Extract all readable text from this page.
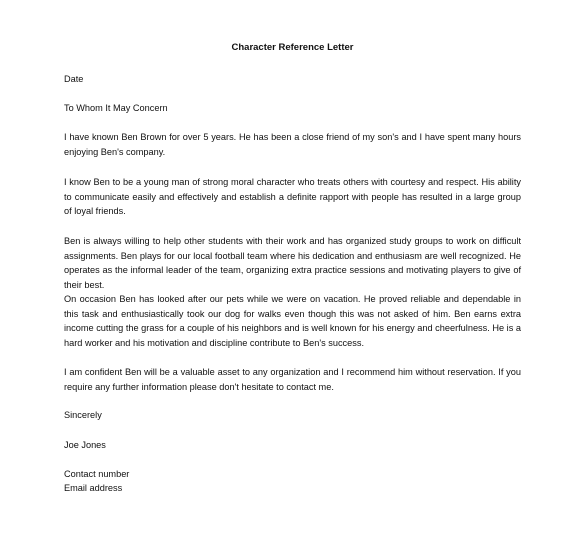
Character Reference Letter
Date
To Whom It May Concern
I have known Ben Brown for over 5 years. He has been a close friend of my son's and I have spent many hours enjoying Ben's company.
I know Ben to be a young man of strong moral character who treats others with courtesy and respect. His ability to communicate easily and effectively and establish a definite rapport with people has resulted in a large group of loyal friends.
Ben is always willing to help other students with their work and has organized study groups to work on difficult assignments. Ben plays for our local football team where his dedication and enthusiasm are well recognized. He operates as the informal leader of the team, organizing extra practice sessions and motivating players to give of their best.
On occasion Ben has looked after our pets while we were on vacation. He proved reliable and dependable in this task and enthusiastically took our dog for walks even though this was not asked of him. Ben earns extra income cutting the grass for a couple of his neighbors and is well known for his energy and cheerfulness. He is a hard worker and his motivation and discipline contribute to Ben's success.
I am confident Ben will be a valuable asset to any organization and I recommend him without reservation. If you require any further information please don't hesitate to contact me.
Sincerely
Joe Jones
Contact number
Email address
